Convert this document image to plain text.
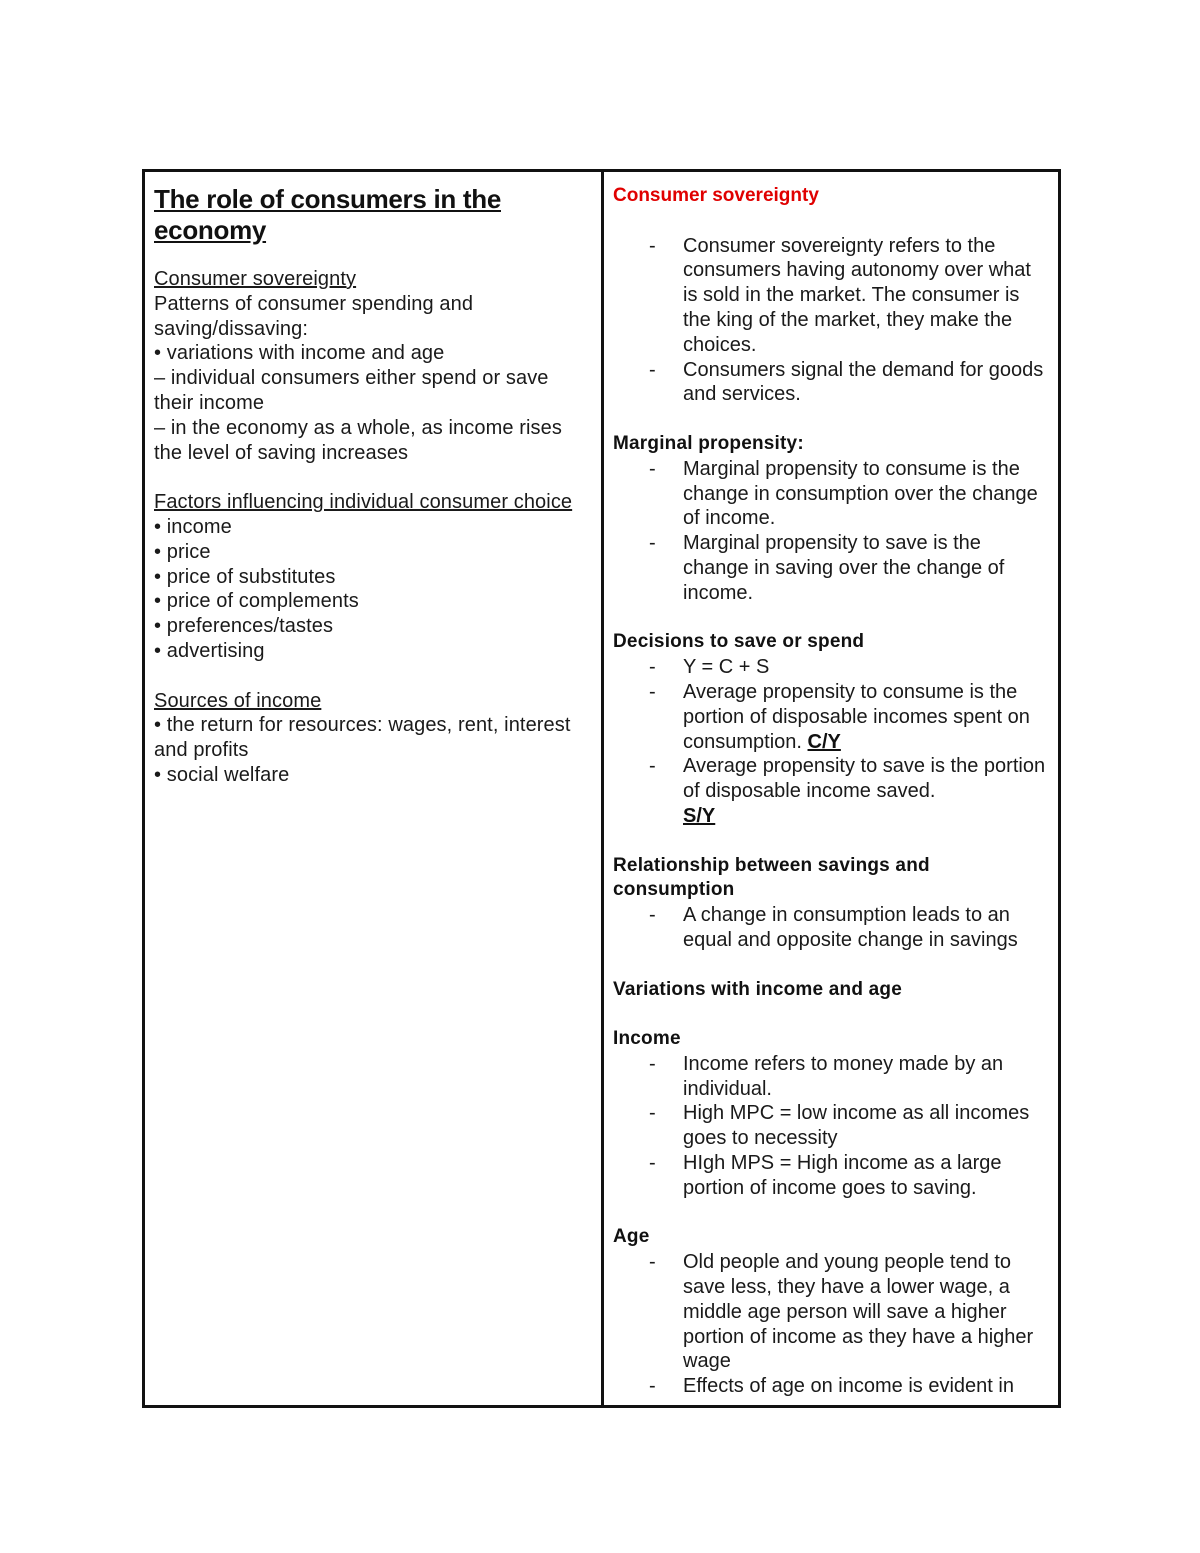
The role of consumers in the economy
Consumer sovereignty
Patterns of consumer spending and
saving/dissaving:
• variations with income and age
– individual consumers either spend or save their income
– in the economy as a whole, as income rises the level of saving increases
Factors influencing individual consumer choice
• income
• price
• price of substitutes
• price of complements
• preferences/tastes
• advertising
Sources of income
• the return for resources: wages, rent, interest and profits
• social welfare
Consumer sovereignty
- Consumer sovereignty refers to the consumers having autonomy over what is sold in the market. The consumer is the king of the market, they make the choices.
- Consumers signal the demand for goods and services.
Marginal propensity:
- Marginal propensity to consume is the change in consumption over the change of income.
- Marginal propensity to save is the change in saving over the change of income.
Decisions to save or spend
- Y = C + S
- Average propensity to consume is the portion of disposable incomes spent on consumption. C/Y
- Average propensity to save is the portion of disposable income saved.
S/Y
Relationship between savings and consumption
- A change in consumption leads to an equal and opposite change in savings
Variations with income and age
Income
- Income refers to money made by an individual.
- High MPC = low income as all incomes goes to necessity
- HIgh MPS = High income as a large portion of income goes to saving.
Age
- Old people and young people tend to save less, they have a lower wage, a middle age person will save a higher portion of income as they have a higher wage
- Effects of age on income is evident in
